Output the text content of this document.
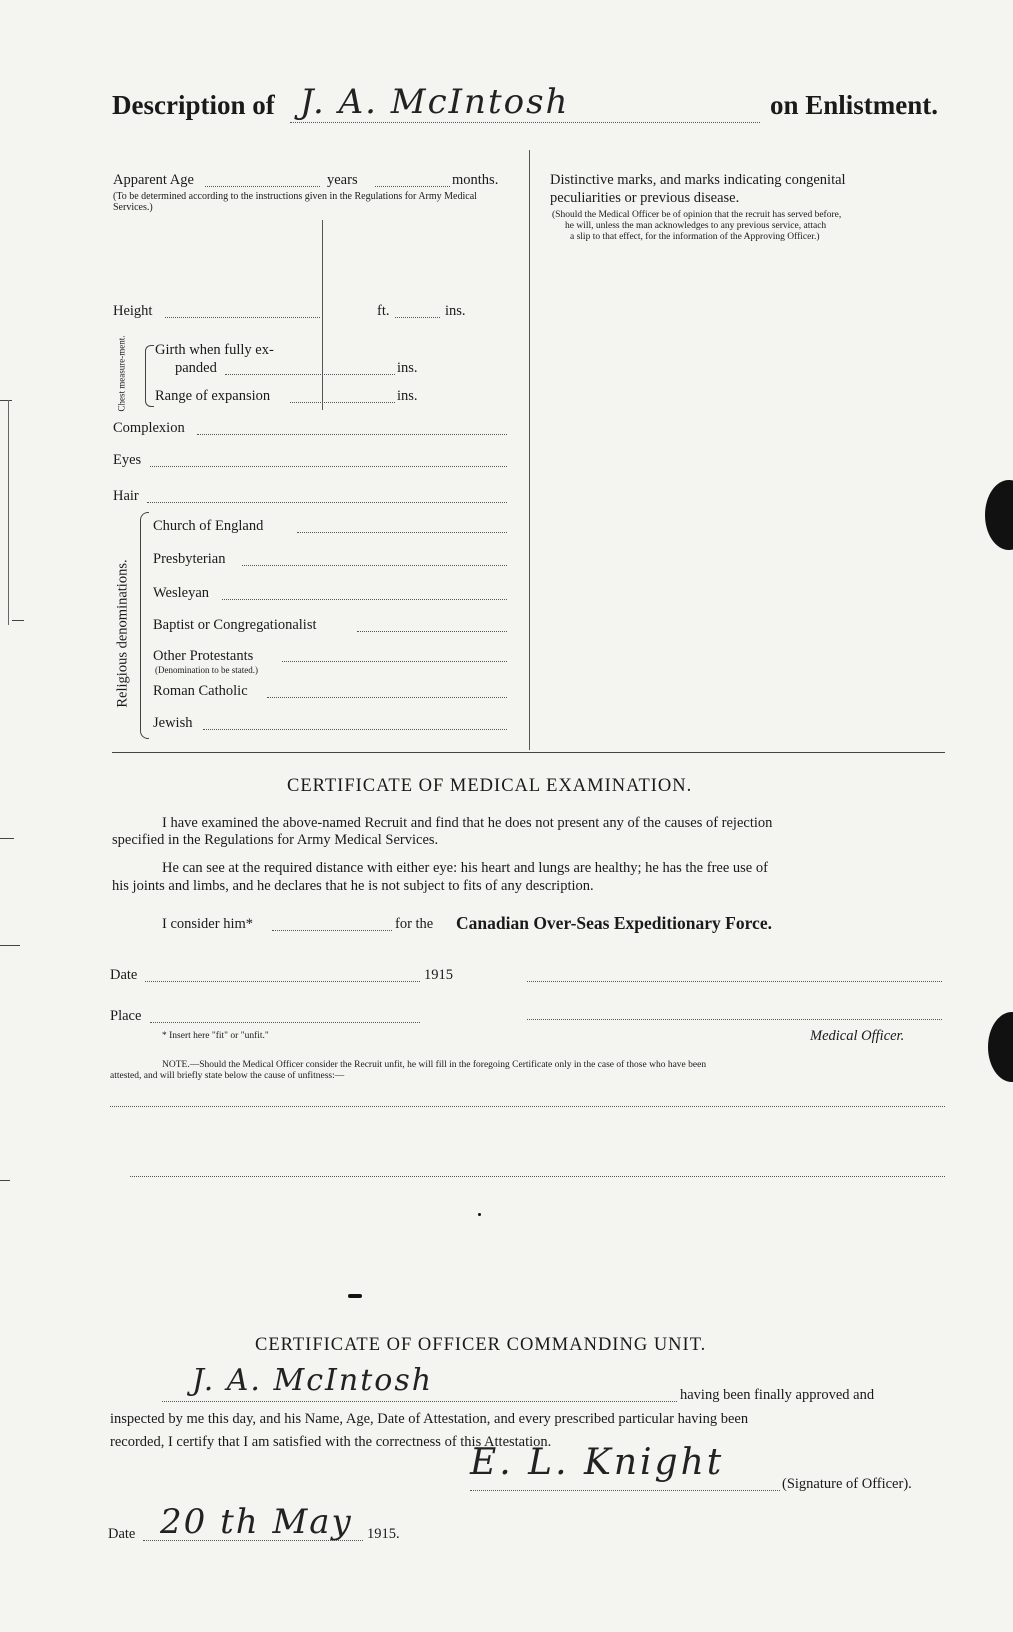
Description of J. A. McIntosh	on Enlistment.
Apparent Age	years	months.
(To be determined according to the instructions given in the Regulations for Army Medical Services.)
Height	ft.	ins.
Chest measure-ment. Girth when fully ex-
panded	ins.
Range of expansion	ins.
Complexion
Eyes
Hair
Religious denominations.
Church of England
Presbyterian
Wesleyan
Baptist or Congregationalist
Other Protestants
(Denomination to be stated.)
Roman Catholic
Jewish
Distinctive marks, and marks indicating congenital
peculiarities or previous disease.
(Should the Medical Officer be of opinion that the recruit has served before,
he will, unless the man acknowledges to any previous service, attach
a slip to that effect, for the information of the Approving Officer.)
CERTIFICATE OF MEDICAL EXAMINATION.
I have examined the above-named Recruit and find that he does not present any of the causes of rejection
specified in the Regulations for Army Medical Services.
He can see at the required distance with either eye: his heart and lungs are healthy; he has the free use of
his joints and limbs, and he declares that he is not subject to fits of any description.
I consider him*	for the Canadian Over-Seas Expeditionary Force.
Date	1915
Place
* Insert here "fit" or "unfit."	Medical Officer.
NOTE.—Should the Medical Officer consider the Recruit unfit, he will fill in the foregoing Certificate only in the case of those who have been
attested, and will briefly state below the cause of unfitness:—
CERTIFICATE OF OFFICER COMMANDING UNIT.
J. A. McIntosh	having been finally approved and
inspected by me this day, and his Name, Age, Date of Attestation, and every prescribed particular having been
recorded, I certify that I am satisfied with the correctness of this Attestation.
E. L. Knight
(Signature of Officer).
Date 20 th May 1915.
